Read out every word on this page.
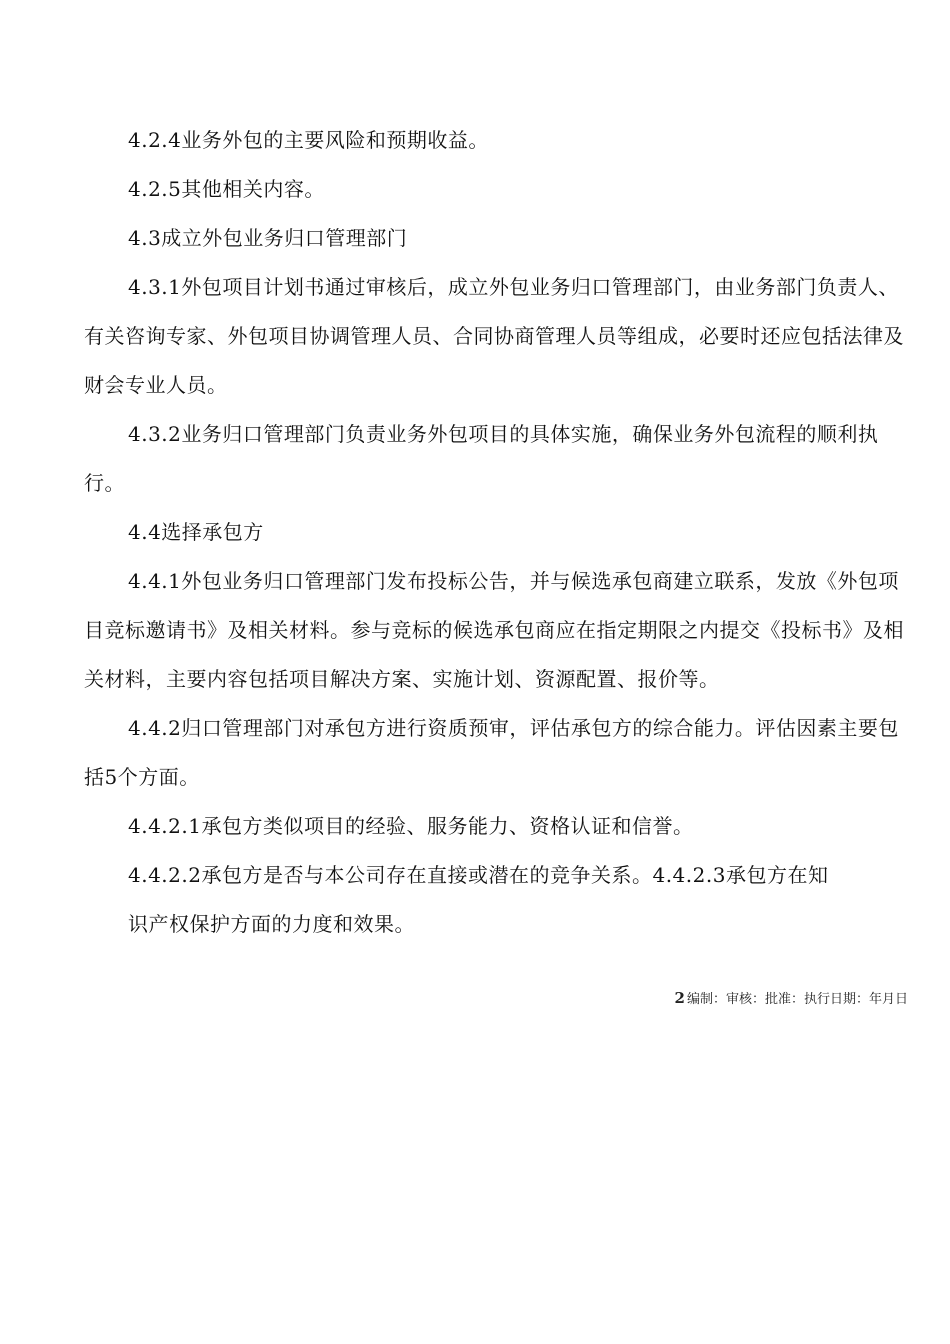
4.2.4业务外包的主要风险和预期收益。

4.2.5其他相关内容。

4.3成立外包业务归口管理部门

4.3.1外包项目计划书通过审核后，成立外包业务归口管理部门，由业务部门负责人、有关咨询专家、外包项目协调管理人员、合同协商管理人员等组成，必要时还应包括法律及财会专业人员。

4.3.2业务归口管理部门负责业务外包项目的具体实施，确保业务外包流程的顺利执行。

4.4选择承包方

4.4.1外包业务归口管理部门发布投标公告，并与候选承包商建立联系，发放《外包项目竞标邀请书》及相关材料。参与竞标的候选承包商应在指定期限之内提交《投标书》及相关材料，主要内容包括项目解决方案、实施计划、资源配置、报价等。

4.4.2归口管理部门对承包方进行资质预审，评估承包方的综合能力。评估因素主要包括5个方面。

4.4.2.1承包方类似项目的经验、服务能力、资格认证和信誉。

4.4.2.2承包方是否与本公司存在直接或潜在的竞争关系。4.4.2.3承包方在知

识产权保护方面的力度和效果。

2 编制：审核：批准：执行日期：年月日
